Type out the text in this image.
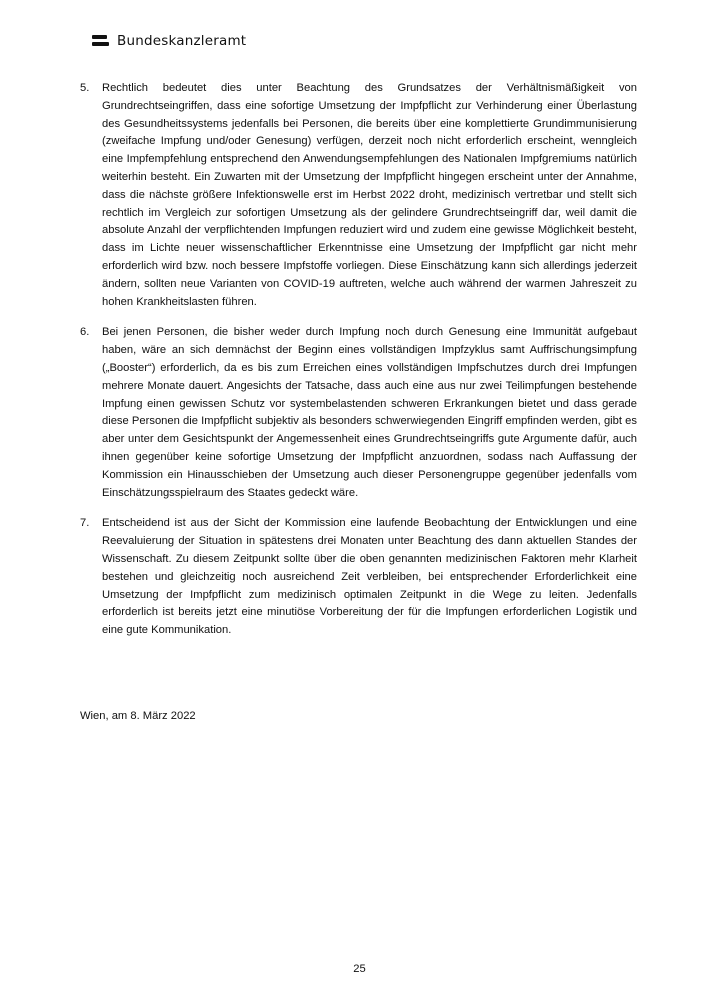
Bundeskanzleramt
5.	Rechtlich bedeutet dies unter Beachtung des Grundsatzes der Verhältnismäßigkeit von Grundrechtseingriffen, dass eine sofortige Umsetzung der Impfpflicht zur Verhinderung einer Überlastung des Gesundheitssystems jedenfalls bei Personen, die bereits über eine komplettierte Grundimmunisierung (zweifache Impfung und/oder Genesung) verfügen, derzeit noch nicht erforderlich erscheint, wenngleich eine Impfempfehlung entsprechend den Anwendungsempfehlungen des Nationalen Impfgremiums natürlich weiterhin besteht. Ein Zuwarten mit der Umsetzung der Impfpflicht hingegen erscheint unter der Annahme, dass die nächste größere Infektionswelle erst im Herbst 2022 droht, medizinisch vertretbar und stellt sich rechtlich im Vergleich zur sofortigen Umsetzung als der gelindere Grundrechtseingriff dar, weil damit die absolute Anzahl der verpflichtenden Impfungen reduziert wird und zudem eine gewisse Möglichkeit besteht, dass im Lichte neuer wissenschaftlicher Erkenntnisse eine Umsetzung der Impfpflicht gar nicht mehr erforderlich wird bzw. noch bessere Impfstoffe vorliegen. Diese Einschätzung kann sich allerdings jederzeit ändern, sollten neue Varianten von COVID-19 auftreten, welche auch während der warmen Jahreszeit zu hohen Krankheitslasten führen.
6.	Bei jenen Personen, die bisher weder durch Impfung noch durch Genesung eine Immunität aufgebaut haben, wäre an sich demnächst der Beginn eines vollständigen Impfzyklus samt Auffrischungsimpfung („Booster“) erforderlich, da es bis zum Erreichen eines vollständigen Impfschutzes durch drei Impfungen mehrere Monate dauert. Angesichts der Tatsache, dass auch eine aus nur zwei Teilimpfungen bestehende Impfung einen gewissen Schutz vor systembelastenden schweren Erkrankungen bietet und dass gerade diese Personen die Impfpflicht subjektiv als besonders schwerwiegenden Eingriff empfinden werden, gibt es aber unter dem Gesichtspunkt der Angemessenheit eines Grundrechtseingriffs gute Argumente dafür, auch ihnen gegenüber keine sofortige Umsetzung der Impfpflicht anzuordnen, sodass nach Auffassung der Kommission ein Hinausschieben der Umsetzung auch dieser Personengruppe gegenüber jedenfalls vom Einschätzungsspielraum des Staates gedeckt wäre.
7.	Entscheidend ist aus der Sicht der Kommission eine laufende Beobachtung der Entwicklungen und eine Reevaluierung der Situation in spätestens drei Monaten unter Beachtung des dann aktuellen Standes der Wissenschaft. Zu diesem Zeitpunkt sollte über die oben genannten medizinischen Faktoren mehr Klarheit bestehen und gleichzeitig noch ausreichend Zeit verbleiben, bei entsprechender Erforderlichkeit eine Umsetzung der Impfpflicht zum medizinisch optimalen Zeitpunkt in die Wege zu leiten. Jedenfalls erforderlich ist bereits jetzt eine minutiöse Vorbereitung der für die Impfungen erforderlichen Logistik und eine gute Kommunikation.
Wien, am 8. März 2022
25
